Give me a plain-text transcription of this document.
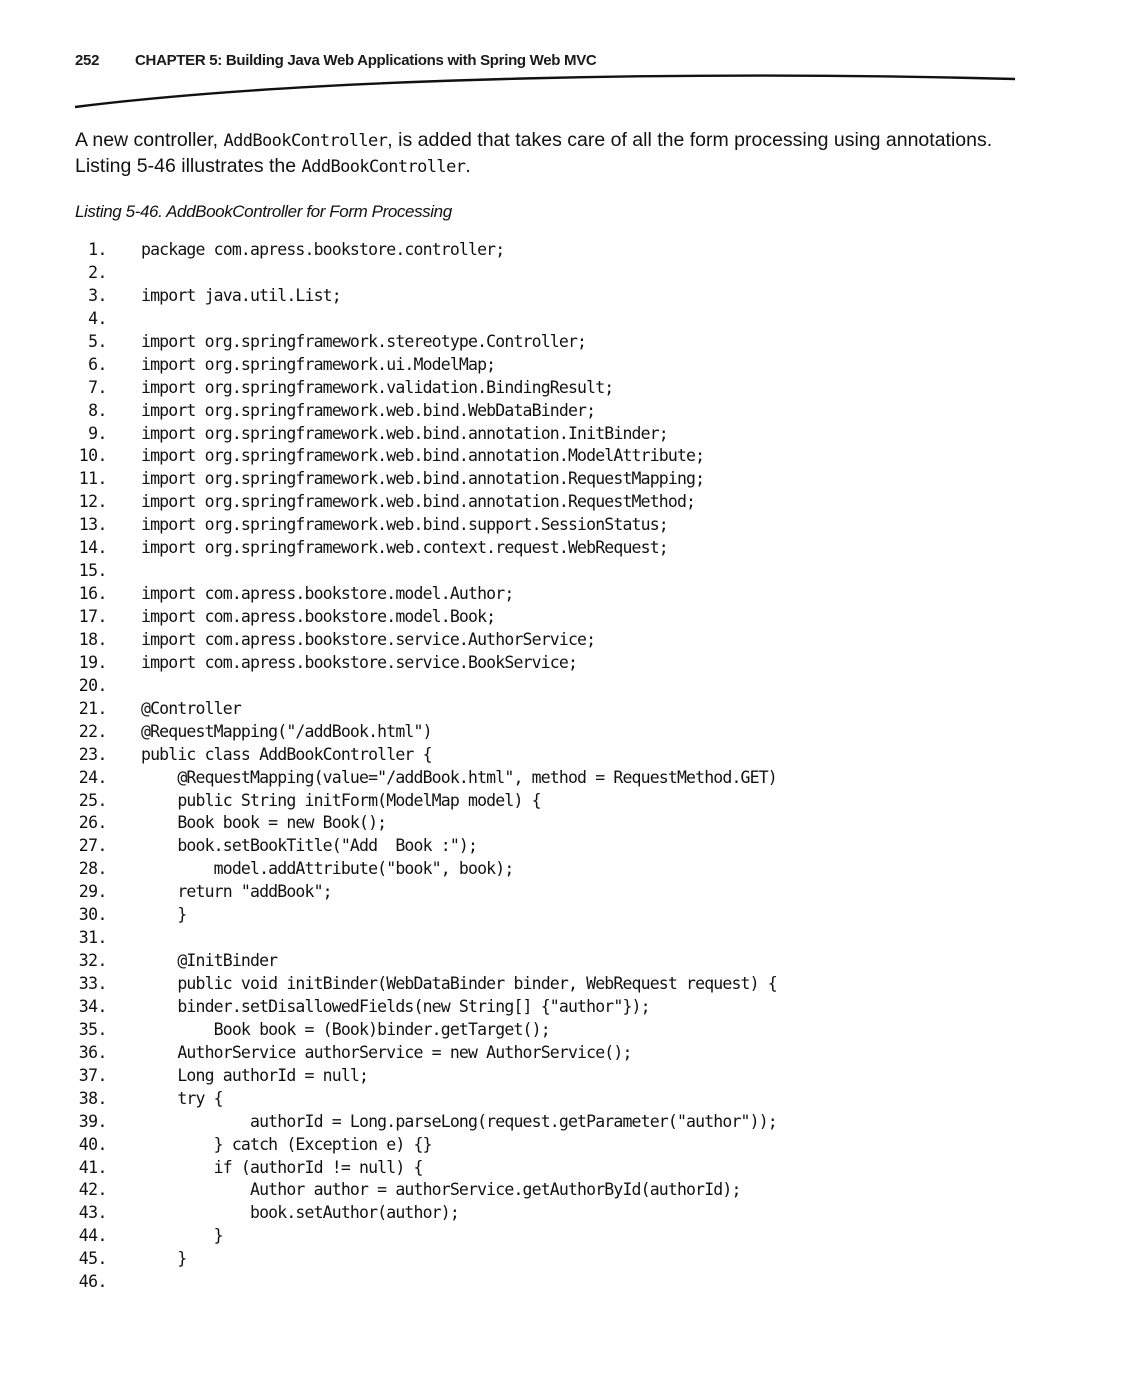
252 CHAPTER 5: Building Java Web Applications with Spring Web MVC

A new controller, AddBookController, is added that takes care of all the form processing using annotations. Listing 5-46 illustrates the AddBookController.

Listing 5-46. AddBookController for Form Processing
1. package com.apress.bookstore.controller;
2.
3. import java.util.List;
4.
5. import org.springframework.stereotype.Controller;
6. import org.springframework.ui.ModelMap;
7. import org.springframework.validation.BindingResult;
8. import org.springframework.web.bind.WebDataBinder;
9. import org.springframework.web.bind.annotation.InitBinder;
10. import org.springframework.web.bind.annotation.ModelAttribute;
11. import org.springframework.web.bind.annotation.RequestMapping;
12. import org.springframework.web.bind.annotation.RequestMethod;
13. import org.springframework.web.bind.support.SessionStatus;
14. import org.springframework.web.context.request.WebRequest;
15.
16. import com.apress.bookstore.model.Author;
17. import com.apress.bookstore.model.Book;
18. import com.apress.bookstore.service.AuthorService;
19. import com.apress.bookstore.service.BookService;
20.
21. @Controller
22. @RequestMapping("/addBook.html")
23. public class AddBookController {
24. @RequestMapping(value="/addBook.html", method = RequestMethod.GET)
25. public String initForm(ModelMap model) {
26. Book book = new Book();
27. book.setBookTitle("Add  Book :");
28. model.addAttribute("book", book);
29. return "addBook";
30. }
31.
32. @InitBinder
33. public void initBinder(WebDataBinder binder, WebRequest request) {
34. binder.setDisallowedFields(new String[] {"author"});
35. Book book = (Book)binder.getTarget();
36. AuthorService authorService = new AuthorService();
37. Long authorId = null;
38. try {
39. authorId = Long.parseLong(request.getParameter("author"));
40. } catch (Exception e) {}
41. if (authorId != null) {
42. Author author = authorService.getAuthorById(authorId);
43. book.setAuthor(author);
44. }
45. }
46.
